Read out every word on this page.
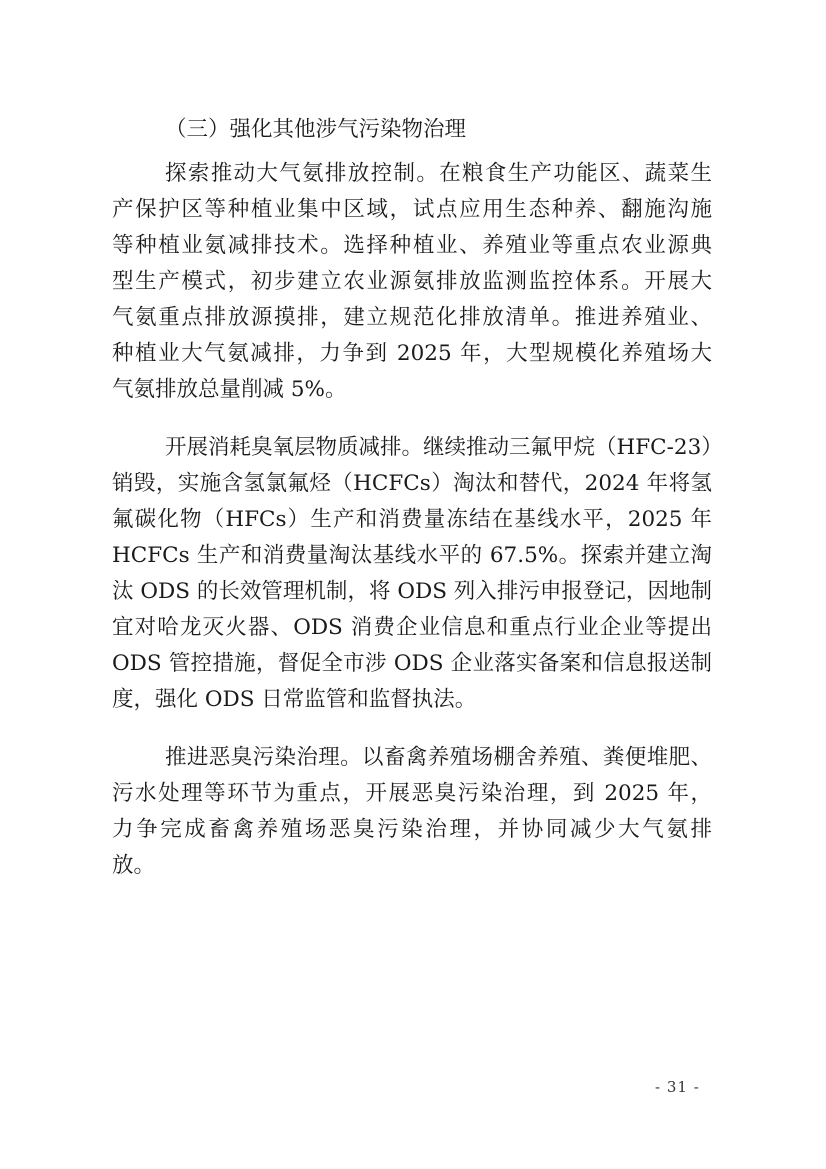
（三）强化其他涉气污染物治理
探索推动大气氨排放控制。在粮食生产功能区、蔬菜生
产保护区等种植业集中区域，试点应用生态种养、翻施沟施
等种植业氨减排技术。选择种植业、养殖业等重点农业源典
型生产模式，初步建立农业源氨排放监测监控体系。开展大
气氨重点排放源摸排，建立规范化排放清单。推进养殖业、
种植业大气氨减排，力争到 2025 年，大型规模化养殖场大
气氨排放总量削减 5%。
开展消耗臭氧层物质减排。继续推动三氟甲烷（HFC-23）
销毁，实施含氢氯氟烃（HCFCs）淘汰和替代，2024 年将氢
氟碳化物（HFCs）生产和消费量冻结在基线水平，2025 年
HCFCs 生产和消费量淘汰基线水平的 67.5%。探索并建立淘
汰 ODS 的长效管理机制，将 ODS 列入排污申报登记，因地制
宜对哈龙灭火器、ODS 消费企业信息和重点行业企业等提出
ODS 管控措施，督促全市涉 ODS 企业落实备案和信息报送制
度，强化 ODS 日常监管和监督执法。
推进恶臭污染治理。以畜禽养殖场棚舍养殖、粪便堆肥、
污水处理等环节为重点，开展恶臭污染治理，到 2025 年，
力争完成畜禽养殖场恶臭污染治理，并协同减少大气氨排
放。
- 31 -
